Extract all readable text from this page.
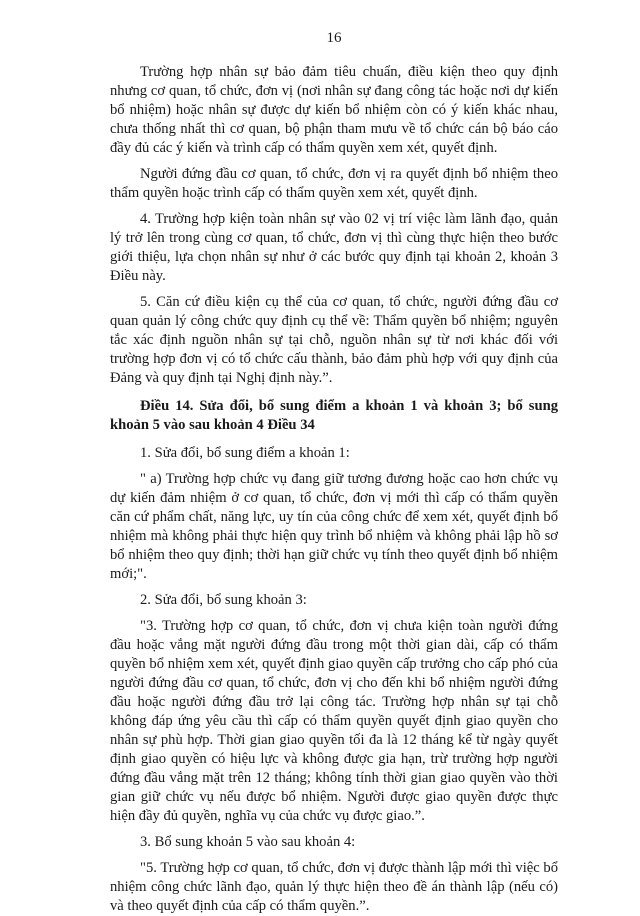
16

Trường hợp nhân sự bảo đảm tiêu chuẩn, điều kiện theo quy định nhưng cơ quan, tổ chức, đơn vị (nơi nhân sự đang công tác hoặc nơi dự kiến bổ nhiệm) hoặc nhân sự được dự kiến bổ nhiệm còn có ý kiến khác nhau, chưa thống nhất thì cơ quan, bộ phận tham mưu về tổ chức cán bộ báo cáo đầy đủ các ý kiến và trình cấp có thẩm quyền xem xét, quyết định.

Người đứng đầu cơ quan, tổ chức, đơn vị ra quyết định bổ nhiệm theo thẩm quyền hoặc trình cấp có thẩm quyền xem xét, quyết định.

4. Trường hợp kiện toàn nhân sự vào 02 vị trí việc làm lãnh đạo, quản lý trở lên trong cùng cơ quan, tổ chức, đơn vị thì cùng thực hiện theo bước giới thiệu, lựa chọn nhân sự như ở các bước quy định tại khoản 2, khoản 3 Điều này.

5. Căn cứ điều kiện cụ thể của cơ quan, tổ chức, người đứng đầu cơ quan quản lý công chức quy định cụ thể về: Thẩm quyền bổ nhiệm; nguyên tắc xác định nguồn nhân sự tại chỗ, nguồn nhân sự từ nơi khác đối với trường hợp đơn vị có tổ chức cấu thành, bảo đảm phù hợp với quy định của Đảng và quy định tại Nghị định này.”.

Điều 14. Sửa đổi, bổ sung điểm a khoản 1 và khoản 3; bổ sung khoản 5 vào sau khoản 4 Điều 34

1. Sửa đổi, bổ sung điểm a khoản 1:

" a) Trường hợp chức vụ đang giữ tương đương hoặc cao hơn chức vụ dự kiến đảm nhiệm ở cơ quan, tổ chức, đơn vị mới thì cấp có thẩm quyền căn cứ phẩm chất, năng lực, uy tín của công chức để xem xét, quyết định bổ nhiệm mà không phải thực hiện quy trình bổ nhiệm và không phải lập hồ sơ bổ nhiệm theo quy định; thời hạn giữ chức vụ tính theo quyết định bổ nhiệm mới;".

2. Sửa đổi, bổ sung khoản 3:

"3. Trường hợp cơ quan, tổ chức, đơn vị chưa kiện toàn người đứng đầu hoặc vắng mặt người đứng đầu trong một thời gian dài, cấp có thẩm quyền bổ nhiệm xem xét, quyết định giao quyền cấp trưởng cho cấp phó của người đứng đầu cơ quan, tổ chức, đơn vị cho đến khi bổ nhiệm người đứng đầu hoặc người đứng đầu trở lại công tác. Trường hợp nhân sự tại chỗ không đáp ứng yêu cầu thì cấp có thẩm quyền quyết định giao quyền cho nhân sự phù hợp. Thời gian giao quyền tối đa là 12 tháng kể từ ngày quyết định giao quyền có hiệu lực và không được gia hạn, trừ trường hợp người đứng đầu vắng mặt trên 12 tháng; không tính thời gian giao quyền vào thời gian giữ chức vụ nếu được bổ nhiệm. Người được giao quyền được thực hiện đầy đủ quyền, nghĩa vụ của chức vụ được giao.”.

3. Bổ sung khoản 5 vào sau khoản 4:

"5. Trường hợp cơ quan, tổ chức, đơn vị được thành lập mới thì việc bổ nhiệm công chức lãnh đạo, quản lý thực hiện theo đề án thành lập (nếu có) và theo quyết định của cấp có thẩm quyền.”.
